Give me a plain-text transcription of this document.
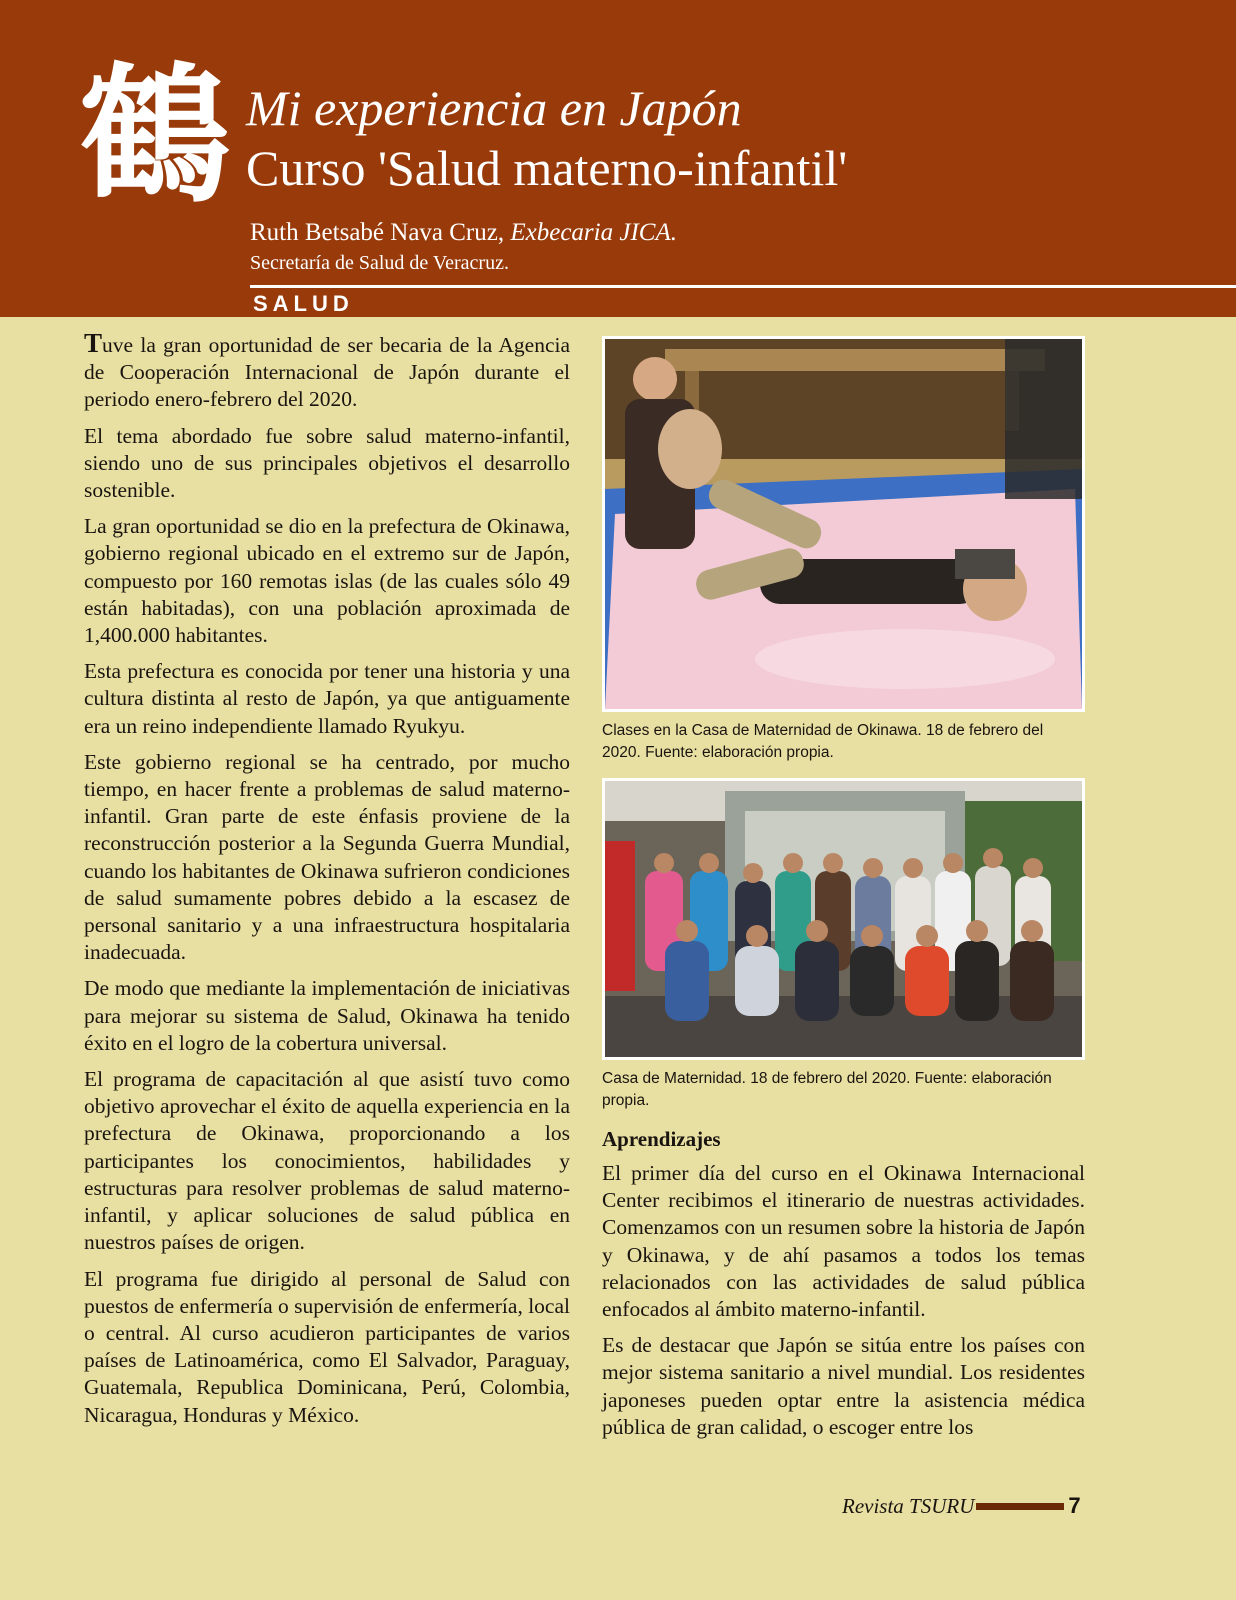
鶴 Mi experiencia en Japón
Curso 'Salud materno-infantil'
Ruth Betsabé Nava Cruz, Exbecaria JICA.
Secretaría de Salud de Veracruz.
SALUD

Tuve la gran oportunidad de ser becaria de la Agencia de Cooperación Internacional de Japón durante el periodo enero-febrero del 2020.

El tema abordado fue sobre salud materno-infantil, siendo uno de sus principales objetivos el desarrollo sostenible.

La gran oportunidad se dio en la prefectura de Okinawa, gobierno regional ubicado en el extremo sur de Japón, compuesto por 160 remotas islas (de las cuales sólo 49 están habitadas), con una población aproximada de 1,400.000 habitantes.

Esta prefectura es conocida por tener una historia y una cultura distinta al resto de Japón, ya que antiguamente era un reino independiente llamado Ryukyu.

Este gobierno regional se ha centrado, por mucho tiempo, en hacer frente a problemas de salud materno-infantil. Gran parte de este énfasis proviene de la reconstrucción posterior a la Segunda Guerra Mundial, cuando los habitantes de Okinawa sufrieron condiciones de salud sumamente pobres debido a la escasez de personal sanitario y a una infraestructura hospitalaria inadecuada.

De modo que mediante la implementación de iniciativas para mejorar su sistema de Salud, Okinawa ha tenido éxito en el logro de la cobertura universal.

El programa de capacitación al que asistí tuvo como objetivo aprovechar el éxito de aquella experiencia en la prefectura de Okinawa, proporcionando a los participantes los conocimientos, habilidades y estructuras para resolver problemas de salud materno-infantil, y aplicar soluciones de salud pública en nuestros países de origen.

El programa fue dirigido al personal de Salud con puestos de enfermería o supervisión de enfermería, local o central. Al curso acudieron participantes de varios países de Latinoamérica, como El Salvador, Paraguay, Guatemala, Republica Dominicana, Perú, Colombia, Nicaragua, Honduras y México.

Clases en la Casa de Maternidad de Okinawa. 18 de febrero del 2020. Fuente: elaboración propia.

Casa de Maternidad. 18 de febrero del 2020. Fuente: elaboración propia.

Aprendizajes

El primer día del curso en el Okinawa Internacional Center recibimos el itinerario de nuestras actividades. Comenzamos con un resumen sobre la historia de Japón y Okinawa, y de ahí pasamos a todos los temas relacionados con las actividades de salud pública enfocados al ámbito materno-infantil.

Es de destacar que Japón se sitúa entre los países con mejor sistema sanitario a nivel mundial. Los residentes japoneses pueden optar entre la asistencia médica pública de gran calidad, o escoger entre los

Revista TSURU	7
